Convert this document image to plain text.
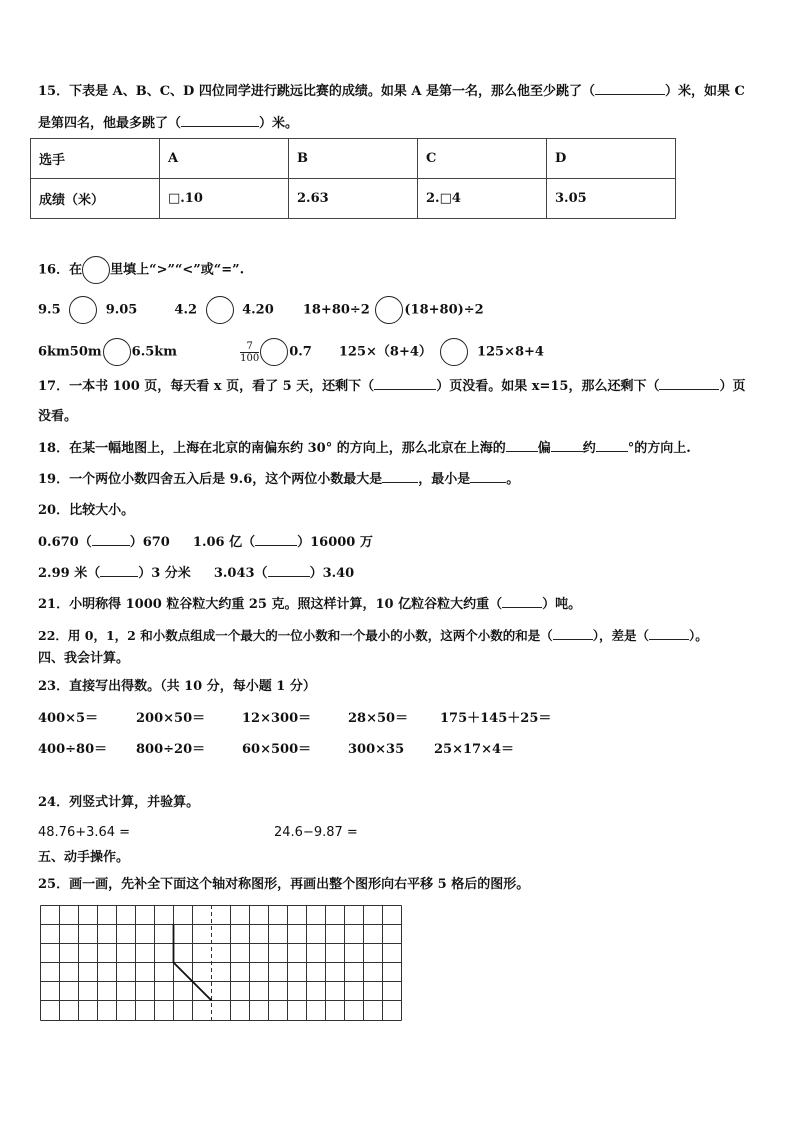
15．下表是 A、B、C、D 四位同学进行跳远比赛的成绩。如果 A 是第一名，那么他至少跳了（	）米，如果 C
是第四名，他最多跳了（	）米。
选手	A	B	C	D
成绩（米）	□.10	2.63	2.□4	3.05
16．在 里填上“>”“<”或“=”.
9.5	9.05	4.2	4.20 18+80÷2	(18+80)÷2
6km50m 6.5km	$\frac{7}{100} 0.7$ 125×（8+4）	125×8+4
17．一本书 100 页，每天看 x 页，看了 5 天，还剩下（	）页没看。如果 x=15，那么还剩下（	）页
没看。
18．在某一幅地图上，上海在北京的南偏东约 30° 的方向上，那么北京在上海的 偏 约 °的方向上.
19．一个两位小数四舍五入后是 9.6，这个两位小数最大是	，最小是	。
20．比较大小。
0.670（	）670 1.06 亿（	）16000 万
2.99 米（	）3 分米 3.043（	）3.40
21．小明称得 1000 粒谷粒大约重 25 克。照这样计算，10 亿粒谷粒大约重（	）吨。
22．用 0，1，2 和小数点组成一个最大的一位小数和一个最小的小数，这两个小数的和是（	），差是（	）。
四、我会计算。
23．直接写出得数。（共 10 分，每小题 1 分）
400×5＝	200×50＝	12×300＝	28×50＝ 175＋145＋25＝
400÷80＝ 800÷20＝	60×500＝	300×35 25×17×4＝
24．列竖式计算，并验算。
48.76+3.64 =	24.6−9.87 =
五、动手操作。
25．画一画，先补全下面这个轴对称图形，再画出整个图形向右平移 5 格后的图形。
